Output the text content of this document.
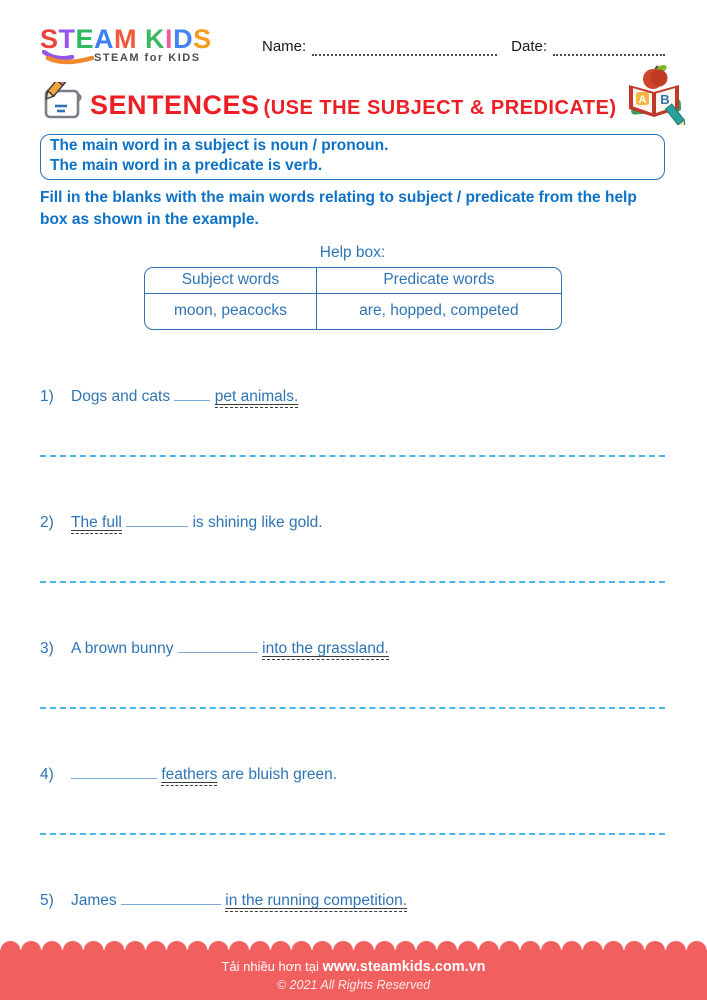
STEAM KIDS
STEAM for KIDS
Name:	Date:
SENTENCES (USE THE SUBJECT & PREDICATE) A B
The main word in a subject is noun / pronoun.
The main word in a predicate is verb.

Fill in the blanks with the main words relating to subject / predicate from the help box as shown in the example.

Help box:
Subject words	Predicate words
moon, peacocks	are, hopped, competed
1)	Dogs and cats	pet animals.
2)	The full	is shining like gold.
3)	A brown bunny	into the grassland.
4)	feathers are bluish green.
5)	James	in the running competition.
Tải nhiều hơn tại www.steamkids.com.vn
© 2021 All Rights Reserved
